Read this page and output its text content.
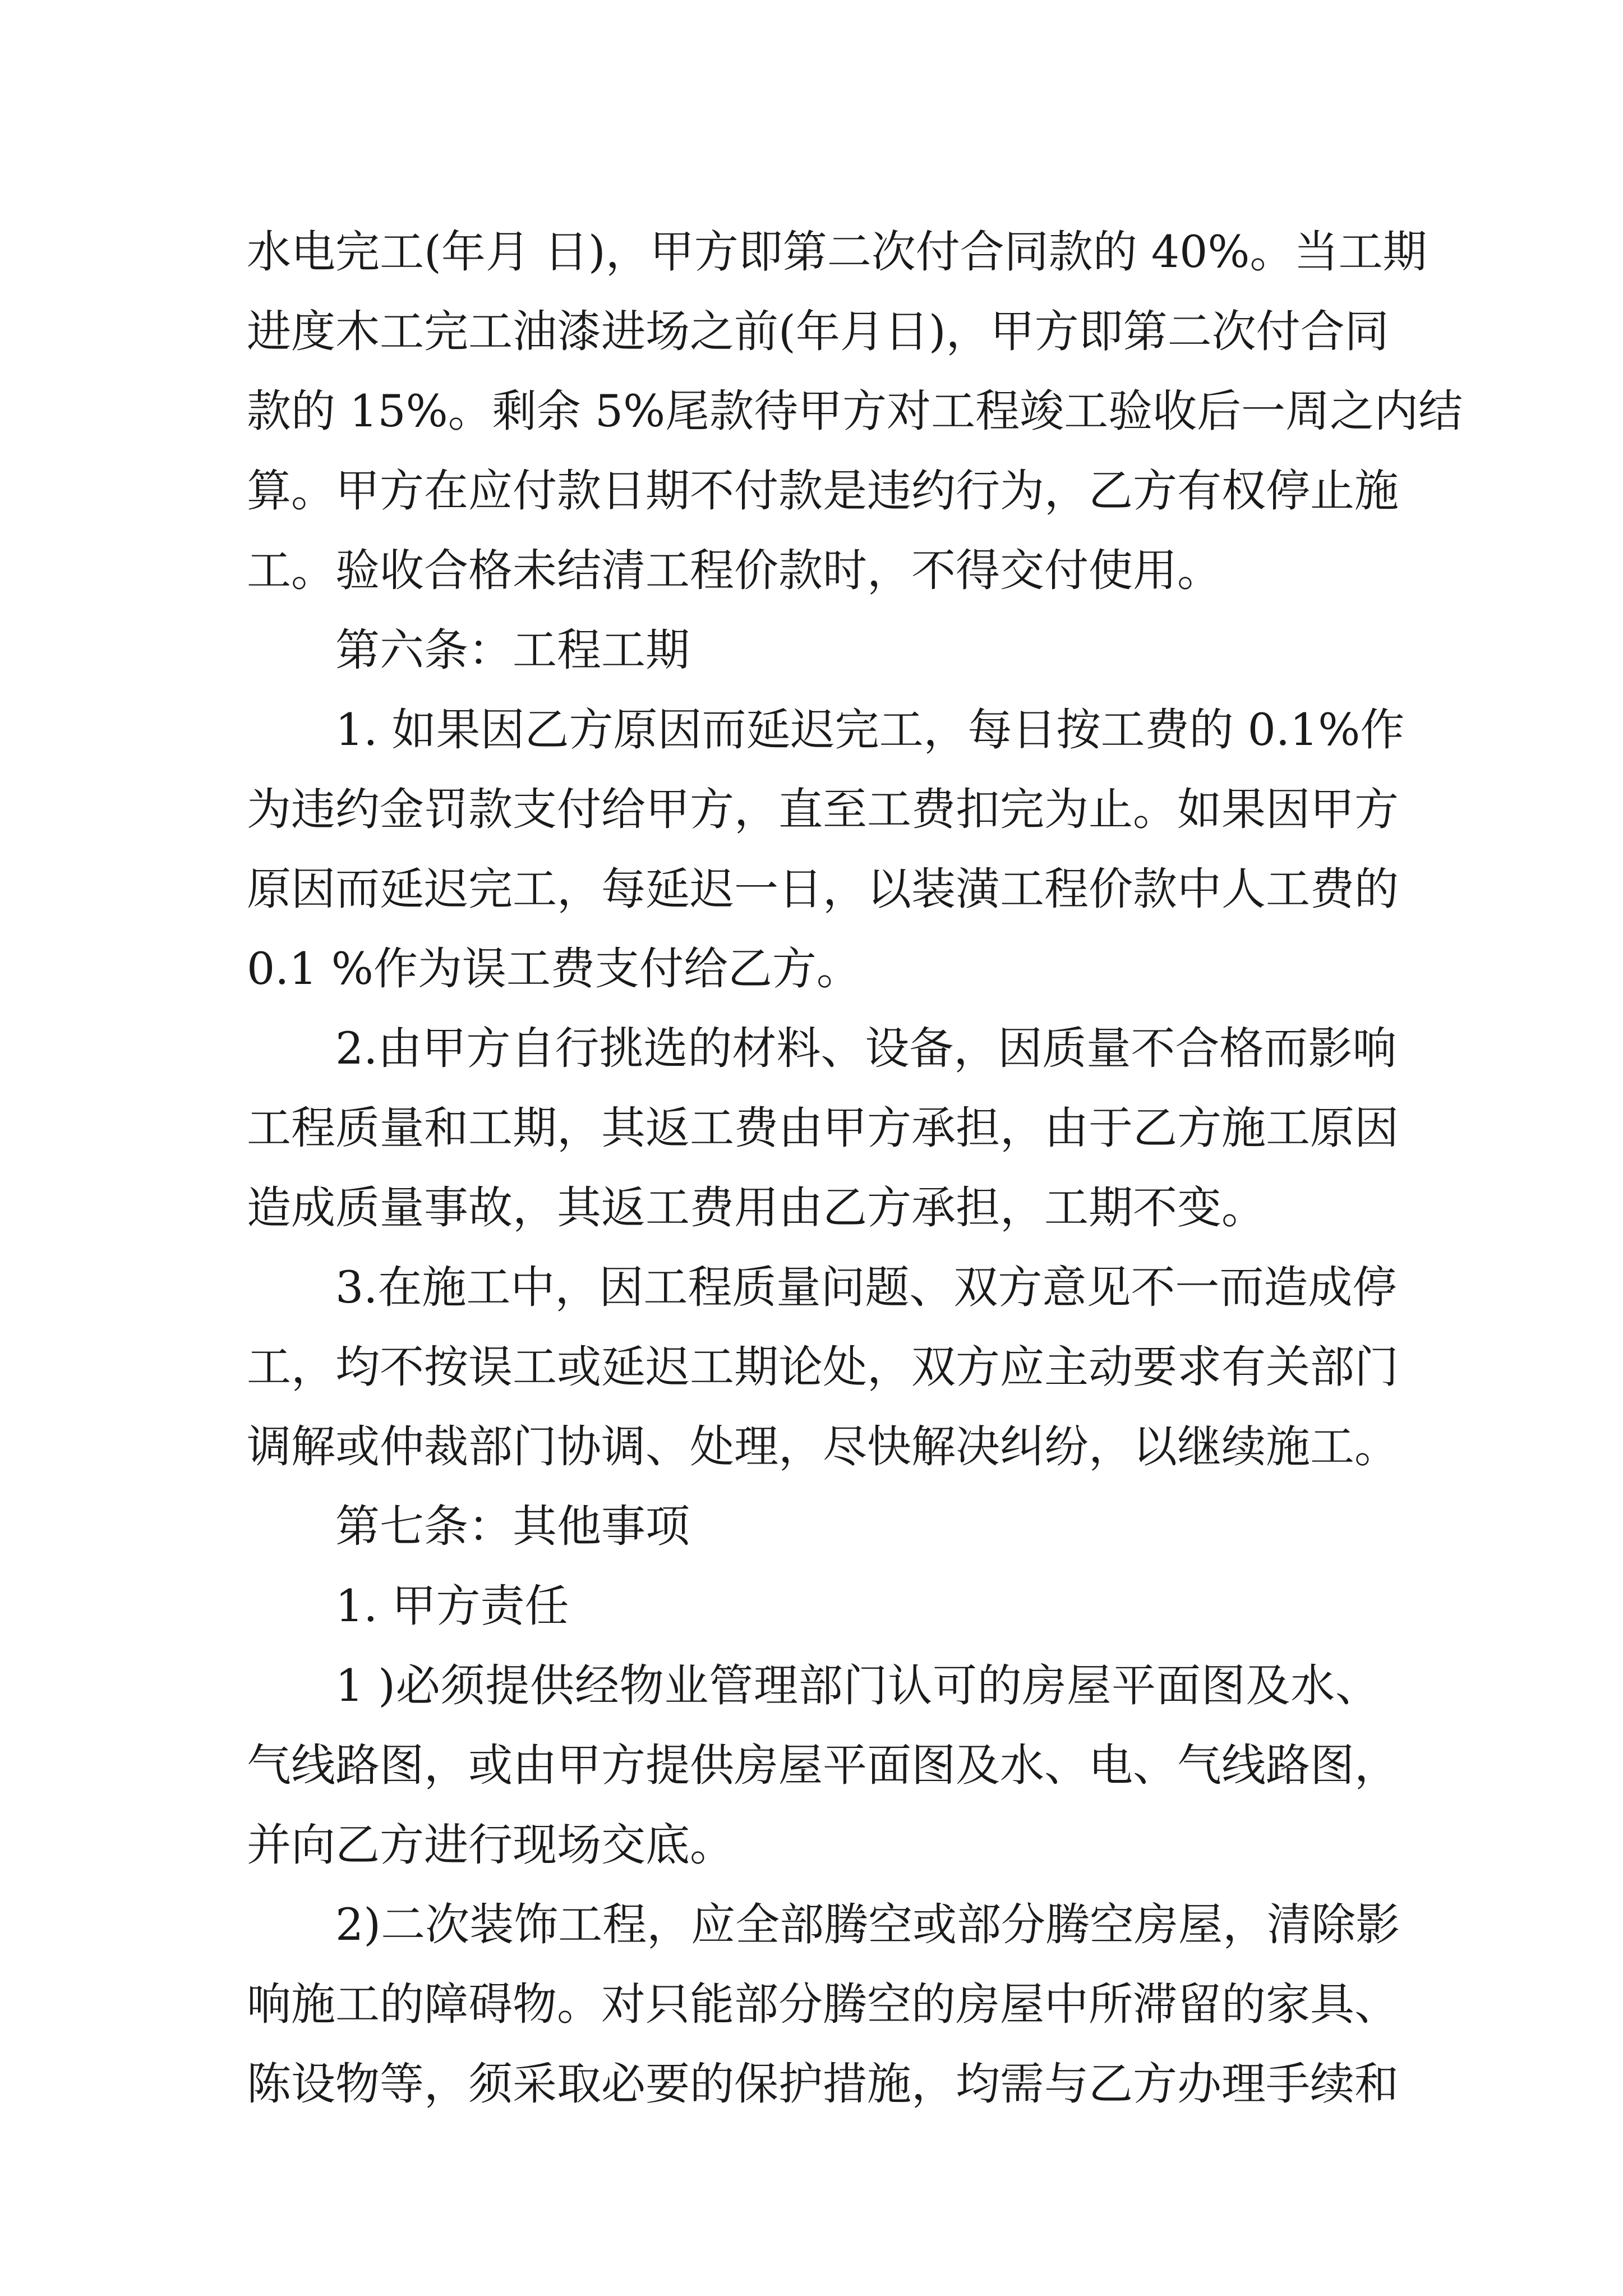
水电完工(年月 日)，甲方即第二次付合同款的 40%。当工期
进度木工完工油漆进场之前(年月日)，甲方即第二次付合同
款的 15%。剩余 5%尾款待甲方对工程竣工验收后一周之内结
算。甲方在应付款日期不付款是违约行为，乙方有权停止施
工。验收合格未结清工程价款时，不得交付使用。
第六条：工程工期
1. 如果因乙方原因而延迟完工，每日按工费的 0.1%作
为违约金罚款支付给甲方，直至工费扣完为止。如果因甲方
原因而延迟完工，每延迟一日，以装潢工程价款中人工费的
0.1 %作为误工费支付给乙方。
2.由甲方自行挑选的材料、设备，因质量不合格而影响
工程质量和工期，其返工费由甲方承担，由于乙方施工原因
造成质量事故，其返工费用由乙方承担，工期不变。
3.在施工中，因工程质量问题、双方意见不一而造成停
工，均不按误工或延迟工期论处，双方应主动要求有关部门
调解或仲裁部门协调、处理，尽快解决纠纷，以继续施工。
第七条：其他事项
1. 甲方责任
1 )必须提供经物业管理部门认可的房屋平面图及水、
气线路图，或由甲方提供房屋平面图及水、电、气线路图，
并向乙方进行现场交底。
2)二次装饰工程，应全部腾空或部分腾空房屋，清除影
响施工的障碍物。对只能部分腾空的房屋中所滞留的家具、
陈设物等，须采取必要的保护措施，均需与乙方办理手续和
